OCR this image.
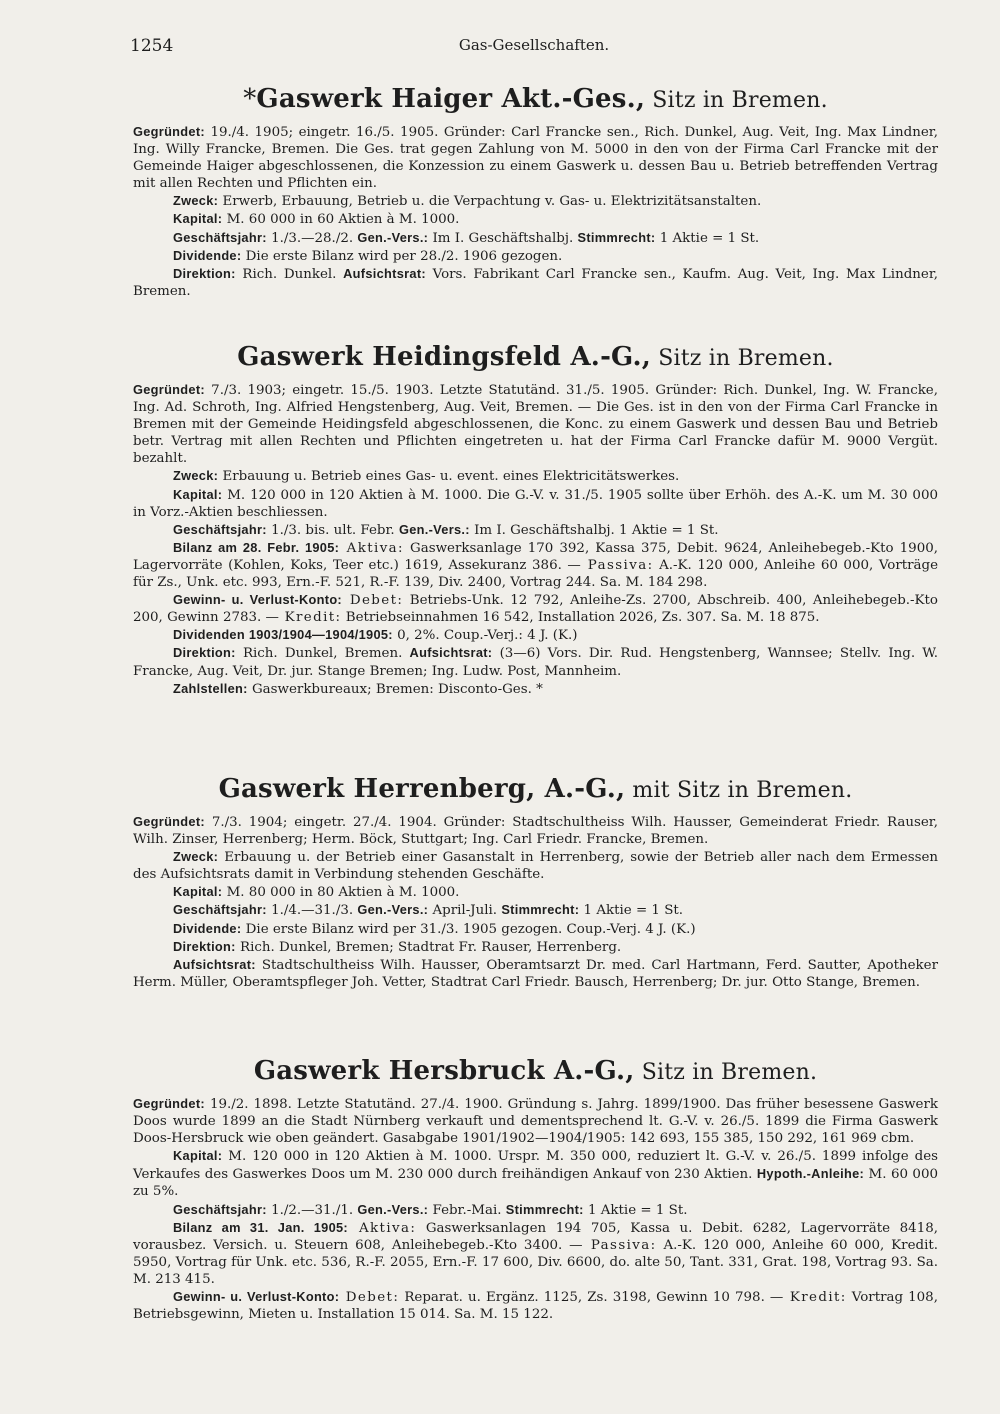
1254	Gas-Gesellschaften.
*Gaswerk Haiger Akt.-Ges., Sitz in Bremen.

Gegründet: 19./4. 1905; eingetr. 16./5. 1905. Gründer: Carl Francke sen., Rich. Dunkel, Aug. Veit, Ing. Max Lindner, Ing. Willy Francke, Bremen. Die Ges. trat gegen Zahlung von M. 5000 in den von der Firma Carl Francke mit der Gemeinde Haiger abgeschlossenen, die Konzession zu einem Gaswerk u. dessen Bau u. Betrieb betreffenden Vertrag mit allen Rechten und Pflichten ein.

Zweck: Erwerb, Erbauung, Betrieb u. die Verpachtung v. Gas- u. Elektrizitätsanstalten.

Kapital: M. 60 000 in 60 Aktien à M. 1000.

Geschäftsjahr: 1./3.—28./2. Gen.-Vers.: Im I. Geschäftshalbj. Stimmrecht: 1 Aktie = 1 St.

Dividende: Die erste Bilanz wird per 28./2. 1906 gezogen.

Direktion: Rich. Dunkel. Aufsichtsrat: Vors. Fabrikant Carl Francke sen., Kaufm. Aug. Veit, Ing. Max Lindner, Bremen.

Gaswerk Heidingsfeld A.-G., Sitz in Bremen.

Gegründet: 7./3. 1903; eingetr. 15./5. 1903. Letzte Statutänd. 31./5. 1905. Gründer: Rich. Dunkel, Ing. W. Francke, Ing. Ad. Schroth, Ing. Alfried Hengstenberg, Aug. Veit, Bremen. — Die Ges. ist in den von der Firma Carl Francke in Bremen mit der Gemeinde Heidingsfeld abgeschlossenen, die Konc. zu einem Gaswerk und dessen Bau und Betrieb betr. Vertrag mit allen Rechten und Pflichten eingetreten u. hat der Firma Carl Francke dafür M. 9000 Vergüt. bezahlt.

Zweck: Erbauung u. Betrieb eines Gas- u. event. eines Elektricitätswerkes.

Kapital: M. 120 000 in 120 Aktien à M. 1000. Die G.-V. v. 31./5. 1905 sollte über Erhöh. des A.-K. um M. 30 000 in Vorz.-Aktien beschliessen.

Geschäftsjahr: 1./3. bis. ult. Febr. Gen.-Vers.: Im I. Geschäftshalbj. 1 Aktie = 1 St.

Bilanz am 28. Febr. 1905: Aktiva: Gaswerksanlage 170 392, Kassa 375, Debit. 9624, Anleihebegeb.-Kto 1900, Lagervorräte (Kohlen, Koks, Teer etc.) 1619, Assekuranz 386. — Passiva: A.-K. 120 000, Anleihe 60 000, Vorträge für Zs., Unk. etc. 993, Ern.-F. 521, R.-F. 139, Div. 2400, Vortrag 244. Sa. M. 184 298.

Gewinn- u. Verlust-Konto: Debet: Betriebs-Unk. 12 792, Anleihe-Zs. 2700, Abschreib. 400, Anleihebegeb.-Kto 200, Gewinn 2783. — Kredit: Betriebseinnahmen 16 542, Installation 2026, Zs. 307. Sa. M. 18 875.

Dividenden 1903/1904—1904/1905: 0, 2%. Coup.-Verj.: 4 J. (K.)

Direktion: Rich. Dunkel, Bremen. Aufsichtsrat: (3—6) Vors. Dir. Rud. Hengstenberg, Wannsee; Stellv. Ing. W. Francke, Aug. Veit, Dr. jur. Stange Bremen; Ing. Ludw. Post, Mannheim.

Zahlstellen: Gaswerkbureaux; Bremen: Disconto-Ges. *

Gaswerk Herrenberg, A.-G., mit Sitz in Bremen.

Gegründet: 7./3. 1904; eingetr. 27./4. 1904. Gründer: Stadtschultheiss Wilh. Hausser, Gemeinderat Friedr. Rauser, Wilh. Zinser, Herrenberg; Herm. Böck, Stuttgart; Ing. Carl Friedr. Francke, Bremen.

Zweck: Erbauung u. der Betrieb einer Gasanstalt in Herrenberg, sowie der Betrieb aller nach dem Ermessen des Aufsichtsrats damit in Verbindung stehenden Geschäfte.

Kapital: M. 80 000 in 80 Aktien à M. 1000.

Geschäftsjahr: 1./4.—31./3. Gen.-Vers.: April-Juli. Stimmrecht: 1 Aktie = 1 St.

Dividende: Die erste Bilanz wird per 31./3. 1905 gezogen. Coup.-Verj. 4 J. (K.)

Direktion: Rich. Dunkel, Bremen; Stadtrat Fr. Rauser, Herrenberg.

Aufsichtsrat: Stadtschultheiss Wilh. Hausser, Oberamtsarzt Dr. med. Carl Hartmann, Ferd. Sautter, Apotheker Herm. Müller, Oberamtspfleger Joh. Vetter, Stadtrat Carl Friedr. Bausch, Herrenberg; Dr. jur. Otto Stange, Bremen.

Gaswerk Hersbruck A.-G., Sitz in Bremen.

Gegründet: 19./2. 1898. Letzte Statutänd. 27./4. 1900. Gründung s. Jahrg. 1899/1900. Das früher besessene Gaswerk Doos wurde 1899 an die Stadt Nürnberg verkauft und dementsprechend lt. G.-V. v. 26./5. 1899 die Firma Gaswerk Doos-Hersbruck wie oben geändert. Gasabgabe 1901/1902—1904/1905: 142 693, 155 385, 150 292, 161 969 cbm.

Kapital: M. 120 000 in 120 Aktien à M. 1000. Urspr. M. 350 000, reduziert lt. G.-V. v. 26./5. 1899 infolge des Verkaufes des Gaswerkes Doos um M. 230 000 durch freihändigen Ankauf von 230 Aktien. Hypoth.-Anleihe: M. 60 000 zu 5%.

Geschäftsjahr: 1./2.—31./1. Gen.-Vers.: Febr.-Mai. Stimmrecht: 1 Aktie = 1 St.

Bilanz am 31. Jan. 1905: Aktiva: Gaswerksanlagen 194 705, Kassa u. Debit. 6282, Lagervorräte 8418, vorausbez. Versich. u. Steuern 608, Anleihebegeb.-Kto 3400. — Passiva: A.-K. 120 000, Anleihe 60 000, Kredit. 5950, Vortrag für Unk. etc. 536, R.-F. 2055, Ern.-F. 17 600, Div. 6600, do. alte 50, Tant. 331, Grat. 198, Vortrag 93. Sa. M. 213 415.

Gewinn- u. Verlust-Konto: Debet: Reparat. u. Ergänz. 1125, Zs. 3198, Gewinn 10 798. — Kredit: Vortrag 108, Betriebsgewinn, Mieten u. Installation 15 014. Sa. M. 15 122.
